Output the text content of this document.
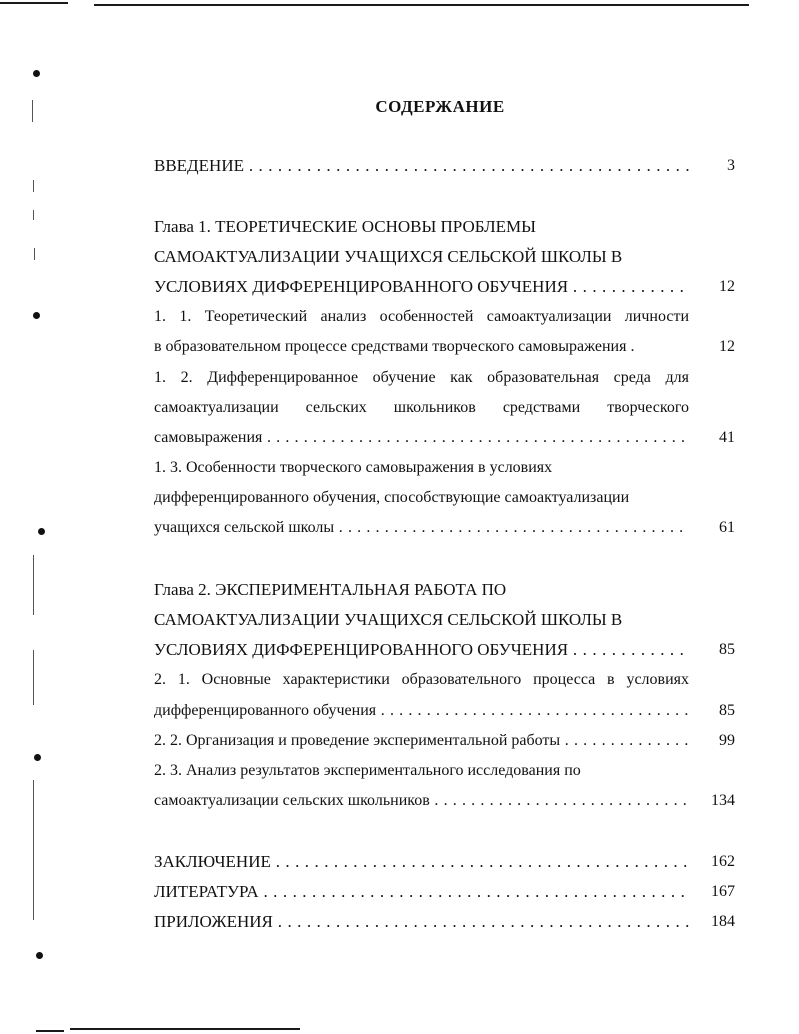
СОДЕРЖАНИЕ
ВВЕДЕНИЕ . . .	3
Глава 1. ТЕОРЕТИЧЕСКИЕ ОСНОВЫ ПРОБЛЕМЫ
САМОАКТУАЛИЗАЦИИ УЧАЩИХСЯ СЕЛЬСКОЙ ШКОЛЫ В
УСЛОВИЯХ ДИФФЕРЕНЦИРОВАННОГО ОБУЧЕНИЯ . . .	12
1. 1. Теоретический анализ особенностей самоактуализации личности
в образовательном процессе средствами творческого самовыражения .	12
1. 2. Дифференцированное обучение как образовательная среда для
самоактуализации сельских школьников средствами творческого
самовыражения . . .	41
1. 3. Особенности творческого самовыражения в условиях
дифференцированного обучения, способствующие самоактуализации
учащихся сельской школы . . .	61
Глава 2. ЭКСПЕРИМЕНТАЛЬНАЯ РАБОТА ПО
САМОАКТУАЛИЗАЦИИ УЧАЩИХСЯ СЕЛЬСКОЙ ШКОЛЫ В
УСЛОВИЯХ ДИФФЕРЕНЦИРОВАННОГО ОБУЧЕНИЯ . . .	85
2. 1. Основные характеристики образовательного процесса в условиях
дифференцированного обучения . . .	85
2. 2. Организация и проведение экспериментальной работы . . .	99
2. 3. Анализ результатов экспериментального исследования по
самоактуализации сельских школьников . . .	134
ЗАКЛЮЧЕНИЕ . . .	162
ЛИТЕРАТУРА . . .	167
ПРИЛОЖЕНИЯ . . .	184
